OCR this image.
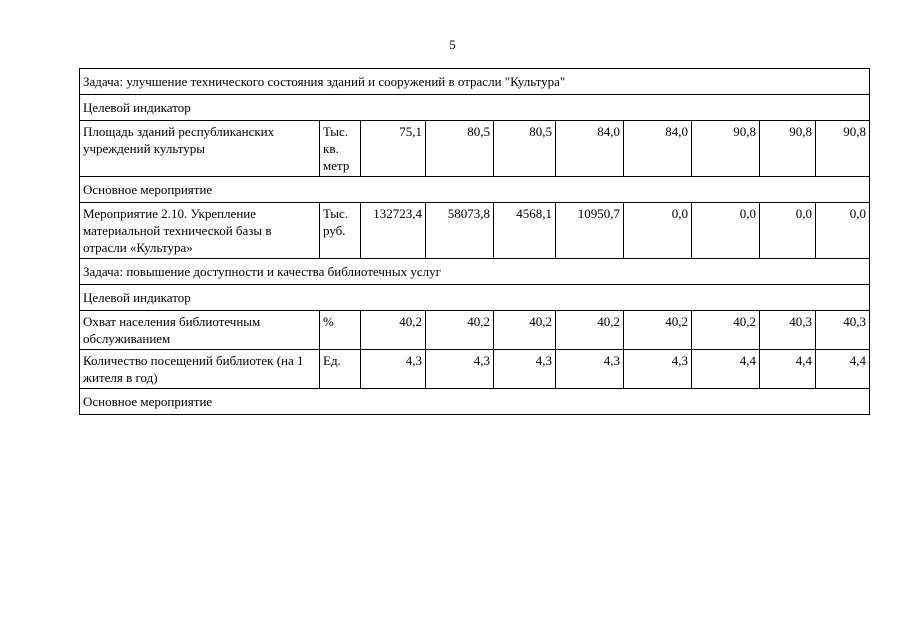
5
Задача: улучшение технического состояния зданий и сооружений в отрасли "Культура"									
Целевой индикатор									
Площадь зданий республиканских учреждений культуры	Тыс. кв. метр	75,1	80,5	80,5	84,0	84,0	90,8	90,8	90,8
Основное мероприятие									
Мероприятие 2.10. Укрепление материальной технической базы в отрасли «Культура»	Тыс. руб.	132723,4	58073,8	4568,1	10950,7	0,0	0,0	0,0	0,0
Задача: повышение доступности и качества библиотечных услуг									
Целевой индикатор									
Охват населения библиотечным обслуживанием	%	40,2	40,2	40,2	40,2	40,2	40,2	40,3	40,3
Количество посещений библиотек (на 1 жителя в год)	Ед.	4,3	4,3	4,3	4,3	4,3	4,4	4,4	4,4
Основное мероприятие									
